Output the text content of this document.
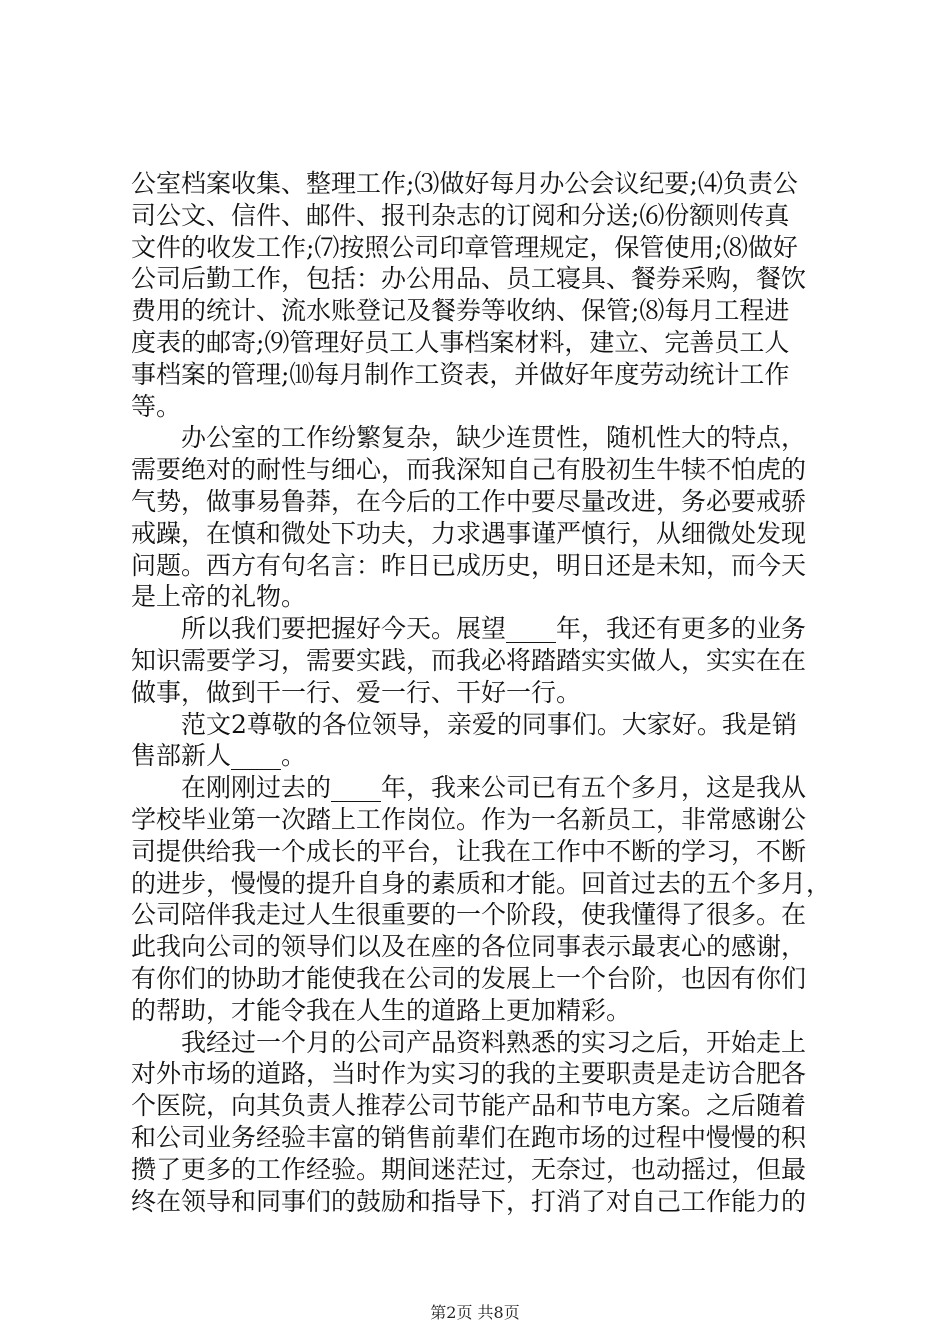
公室档案收集、整理工作;⑶做好每月办公会议纪要;⑷负责公
司公文、信件、邮件、报刊杂志的订阅和分送;⑹份额则传真
文件的收发工作;⑺按照公司印章管理规定，保管使用;⑻做好
公司后勤工作，包括：办公用品、员工寝具、餐券采购，餐饮
费用的统计、流水账登记及餐券等收纳、保管;⑻每月工程进
度表的邮寄;⑼管理好员工人事档案材料，建立、完善员工人
事档案的管理;⑽每月制作工资表，并做好年度劳动统计工作
等。
　　办公室的工作纷繁复杂，缺少连贯性，随机性大的特点，
需要绝对的耐性与细心，而我深知自己有股初生牛犊不怕虎的
气势，做事易鲁莽，在今后的工作中要尽量改进，务必要戒骄
戒躁，在慎和微处下功夫，力求遇事谨严慎行，从细微处发现
问题。西方有句名言：昨日已成历史，明日还是未知，而今天
是上帝的礼物。
　　所以我们要把握好今天。展望____年，我还有更多的业务
知识需要学习，需要实践，而我必将踏踏实实做人，实实在在
做事，做到干一行、爱一行、干好一行。
　　范文2尊敬的各位领导，亲爱的同事们。大家好。我是销
售部新人____。
　　在刚刚过去的____年，我来公司已有五个多月，这是我从
学校毕业第一次踏上工作岗位。作为一名新员工，非常感谢公
司提供给我一个成长的平台，让我在工作中不断的学习，不断
的进步，慢慢的提升自身的素质和才能。回首过去的五个多月，
公司陪伴我走过人生很重要的一个阶段，使我懂得了很多。在
此我向公司的领导们以及在座的各位同事表示最衷心的感谢，
有你们的协助才能使我在公司的发展上一个台阶，也因有你们
的帮助，才能令我在人生的道路上更加精彩。
　　我经过一个月的公司产品资料熟悉的实习之后，开始走上
对外市场的道路，当时作为实习的我的主要职责是走访合肥各
个医院，向其负责人推荐公司节能产品和节电方案。之后随着
和公司业务经验丰富的销售前辈们在跑市场的过程中慢慢的积
攒了更多的工作经验。期间迷茫过，无奈过，也动摇过，但最
终在领导和同事们的鼓励和指导下，打消了对自己工作能力的
第2页 共8页
